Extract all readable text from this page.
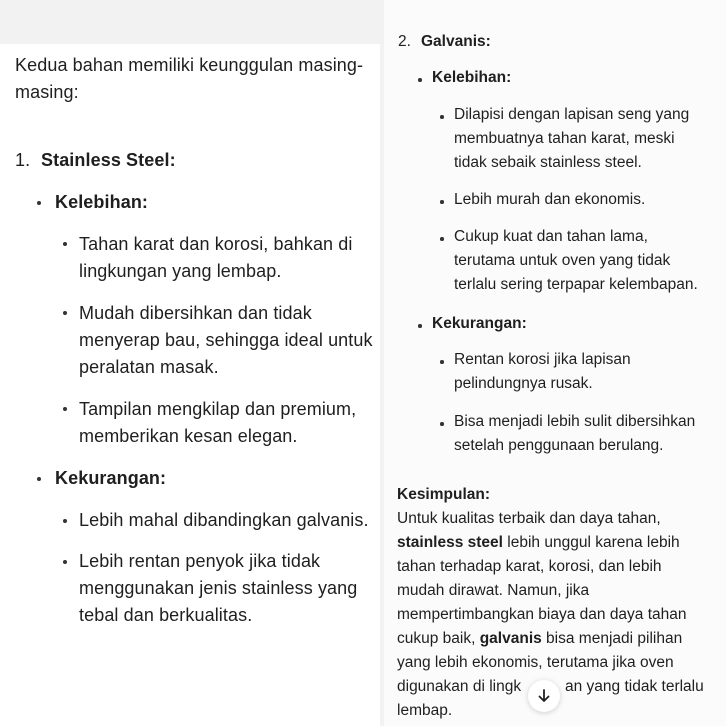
Kedua bahan memiliki keunggulan masing-
masing:
1. Stainless Steel:
Kelebihan:
Tahan karat dan korosi, bahkan di
lingkungan yang lembap.
Mudah dibersihkan dan tidak
menyerap bau, sehingga ideal untuk
peralatan masak.
Tampilan mengkilap dan premium,
memberikan kesan elegan.
Kekurangan:
Lebih mahal dibandingkan galvanis.
Lebih rentan penyok jika tidak
menggunakan jenis stainless yang
tebal dan berkualitas.
2. Galvanis:
Kelebihan:
Dilapisi dengan lapisan seng yang
membuatnya tahan karat, meski
tidak sebaik stainless steel.
Lebih murah dan ekonomis.
Cukup kuat dan tahan lama,
terutama untuk oven yang tidak
terlalu sering terpapar kelembapan.
Kekurangan:
Rentan korosi jika lapisan
pelindungnya rusak.
Bisa menjadi lebih sulit dibersihkan
setelah penggunaan berulang.
Kesimpulan:
Untuk kualitas terbaik dan daya tahan,
stainless steel lebih unggul karena lebih
tahan terhadap karat, korosi, dan lebih
mudah dirawat. Namun, jika
mempertimbangkan biaya dan daya tahan
cukup baik, galvanis bisa menjadi pilihan
yang lebih ekonomis, terutama jika oven
digunakan di lingk	an yang tidak terlalu
lembap.
